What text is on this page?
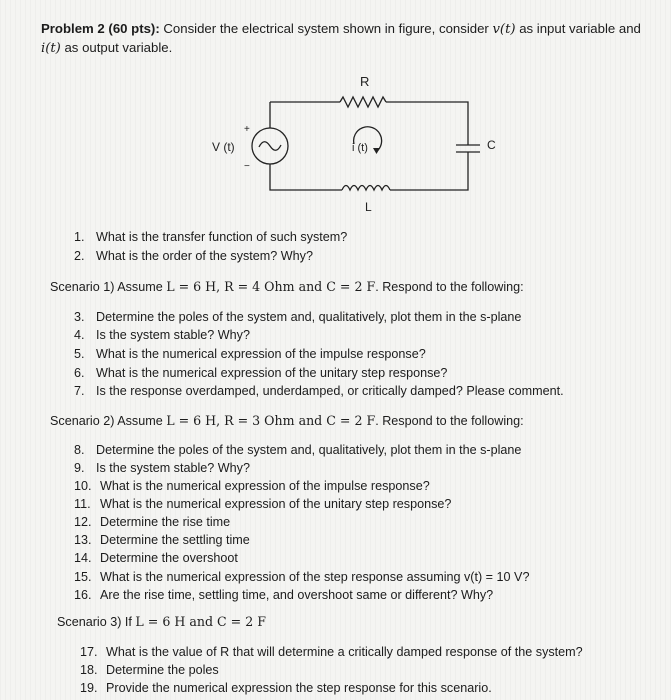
Problem 2 (60 pts): Consider the electrical system shown in figure, consider v(t) as input variable and
i(t) as output variable.
R
V (t)
+
−
i (t)	C
L
1. What is the transfer function of such system?
2. What is the order of the system? Why?
Scenario 1) Assume L = 6 H, R = 4 Ohm and C = 2 F. Respond to the following:
3. Determine the poles of the system and, qualitatively, plot them in the s-plane
4. Is the system stable? Why?
5. What is the numerical expression of the impulse response?
6. What is the numerical expression of the unitary step response?
7. Is the response overdamped, underdamped, or critically damped? Please comment.
Scenario 2) Assume L = 6 H, R = 3 Ohm and C = 2 F. Respond to the following:
8. Determine the poles of the system and, qualitatively, plot them in the s-plane
9. Is the system stable? Why?
10. What is the numerical expression of the impulse response?
11. What is the numerical expression of the unitary step response?
12. Determine the rise time
13. Determine the settling time
14. Determine the overshoot
15. What is the numerical expression of the step response assuming v(t) = 10 V?
16. Are the rise time, settling time, and overshoot same or different? Why?
Scenario 3) If L = 6 H and C = 2 F
17. What is the value of R that will determine a critically damped response of the system?
18. Determine the poles
19. Provide the numerical expression the step response for this scenario.
